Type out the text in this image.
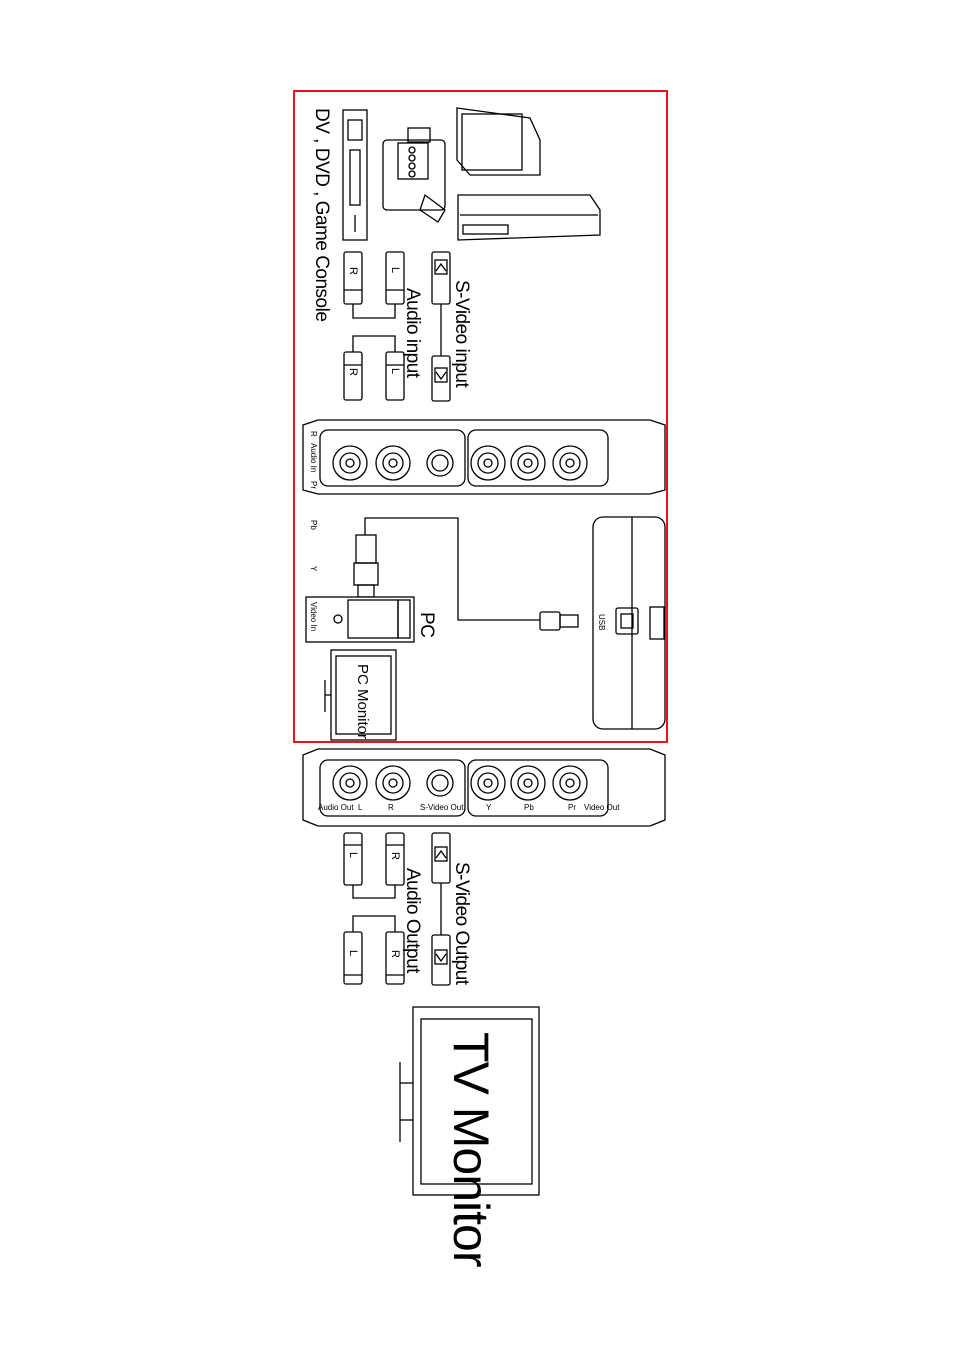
DV , DVD , Game Console
S-Video input
Audio input
PC
PC Monitor
USB
S-Video Output
Audio Output
TV Monitor
L
R
L
R
R
L
R
L
R
Audio In
Pr
Pb
Y
Video In
Audio Out L	R	S-Video Out	Y	Pb	Pr Video Out
